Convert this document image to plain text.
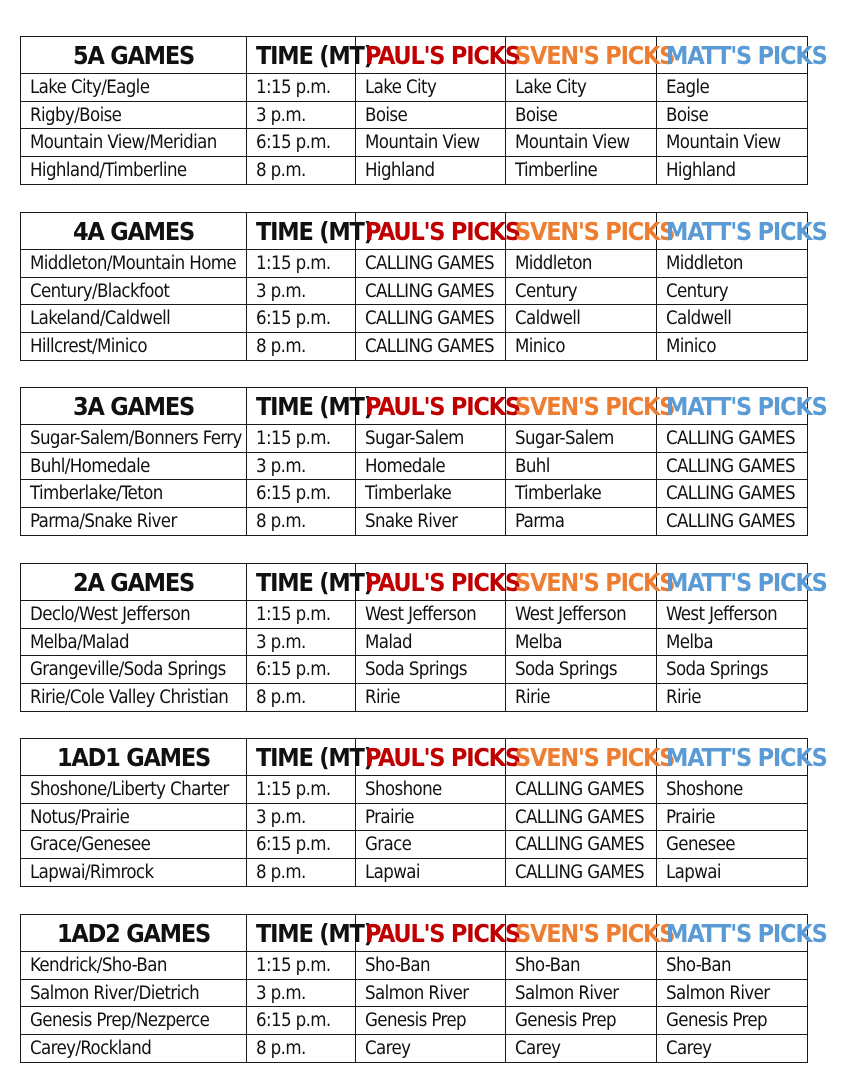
5A GAMES	TIME (MT)	PAUL'S PICKS	SVEN'S PICKS	MATT'S PICKS
Lake City/Eagle	1:15 p.m.	Lake City	Lake City	Eagle
Rigby/Boise	3 p.m.	Boise	Boise	Boise
Mountain View/Meridian	6:15 p.m.	Mountain View	Mountain View	Mountain View
Highland/Timberline	8 p.m.	Highland	Timberline	Highland
4A GAMES	TIME (MT)	PAUL'S PICKS	SVEN'S PICKS	MATT'S PICKS
Middleton/Mountain Home	1:15 p.m.	CALLING GAMES	Middleton	Middleton
Century/Blackfoot	3 p.m.	CALLING GAMES	Century	Century
Lakeland/Caldwell	6:15 p.m.	CALLING GAMES	Caldwell	Caldwell
Hillcrest/Minico	8 p.m.	CALLING GAMES	Minico	Minico
3A GAMES	TIME (MT)	PAUL'S PICKS	SVEN'S PICKS	MATT'S PICKS
Sugar-Salem/Bonners Ferry	1:15 p.m.	Sugar-Salem	Sugar-Salem	CALLING GAMES
Buhl/Homedale	3 p.m.	Homedale	Buhl	CALLING GAMES
Timberlake/Teton	6:15 p.m.	Timberlake	Timberlake	CALLING GAMES
Parma/Snake River	8 p.m.	Snake River	Parma	CALLING GAMES
2A GAMES	TIME (MT)	PAUL'S PICKS	SVEN'S PICKS	MATT'S PICKS
Declo/West Jefferson	1:15 p.m.	West Jefferson	West Jefferson	West Jefferson
Melba/Malad	3 p.m.	Malad	Melba	Melba
Grangeville/Soda Springs	6:15 p.m.	Soda Springs	Soda Springs	Soda Springs
Ririe/Cole Valley Christian	8 p.m.	Ririe	Ririe	Ririe
1AD1 GAMES	TIME (MT)	PAUL'S PICKS	SVEN'S PICKS	MATT'S PICKS
Shoshone/Liberty Charter	1:15 p.m.	Shoshone	CALLING GAMES	Shoshone
Notus/Prairie	3 p.m.	Prairie	CALLING GAMES	Prairie
Grace/Genesee	6:15 p.m.	Grace	CALLING GAMES	Genesee
Lapwai/Rimrock	8 p.m.	Lapwai	CALLING GAMES	Lapwai
1AD2 GAMES	TIME (MT)	PAUL'S PICKS	SVEN'S PICKS	MATT'S PICKS
Kendrick/Sho-Ban	1:15 p.m.	Sho-Ban	Sho-Ban	Sho-Ban
Salmon River/Dietrich	3 p.m.	Salmon River	Salmon River	Salmon River
Genesis Prep/Nezperce	6:15 p.m.	Genesis Prep	Genesis Prep	Genesis Prep
Carey/Rockland	8 p.m.	Carey	Carey	Carey
